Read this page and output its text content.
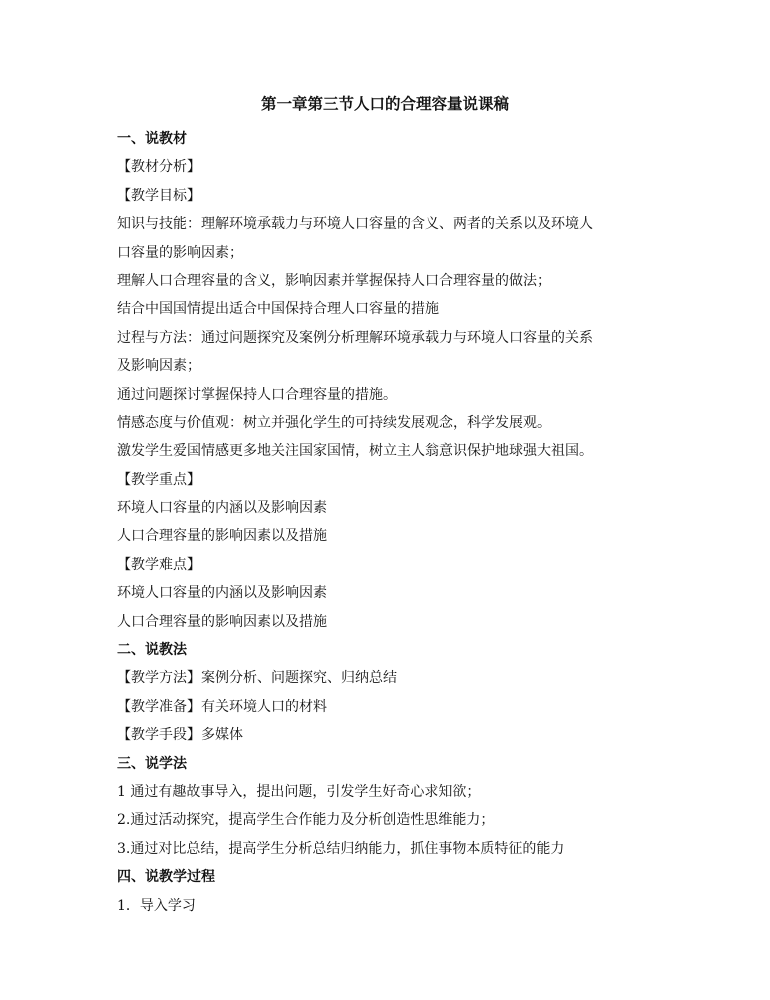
第一章第三节人口的合理容量说课稿
一、说教材
【教材分析】
【教学目标】
知识与技能：理解环境承载力与环境人口容量的含义、两者的关系以及环境人
口容量的影响因素；
理解人口合理容量的含义，影响因素并掌握保持人口合理容量的做法；
结合中国国情提出适合中国保持合理人口容量的措施
过程与方法：通过问题探究及案例分析理解环境承载力与环境人口容量的关系
及影响因素；
通过问题探讨掌握保持人口合理容量的措施。
情感态度与价值观：树立并强化学生的可持续发展观念，科学发展观。
激发学生爱国情感更多地关注国家国情，树立主人翁意识保护地球强大祖国。
【教学重点】
环境人口容量的内涵以及影响因素
人口合理容量的影响因素以及措施
【教学难点】
环境人口容量的内涵以及影响因素
人口合理容量的影响因素以及措施
二、说教法
【教学方法】案例分析、问题探究、归纳总结
【教学准备】有关环境人口的材料
【教学手段】多媒体
三、说学法
1 通过有趣故事导入，提出问题，引发学生好奇心求知欲；
2.通过活动探究，提高学生合作能力及分析创造性思维能力；
3.通过对比总结，提高学生分析总结归纳能力，抓住事物本质特征的能力
四、说教学过程
1．导入学习
